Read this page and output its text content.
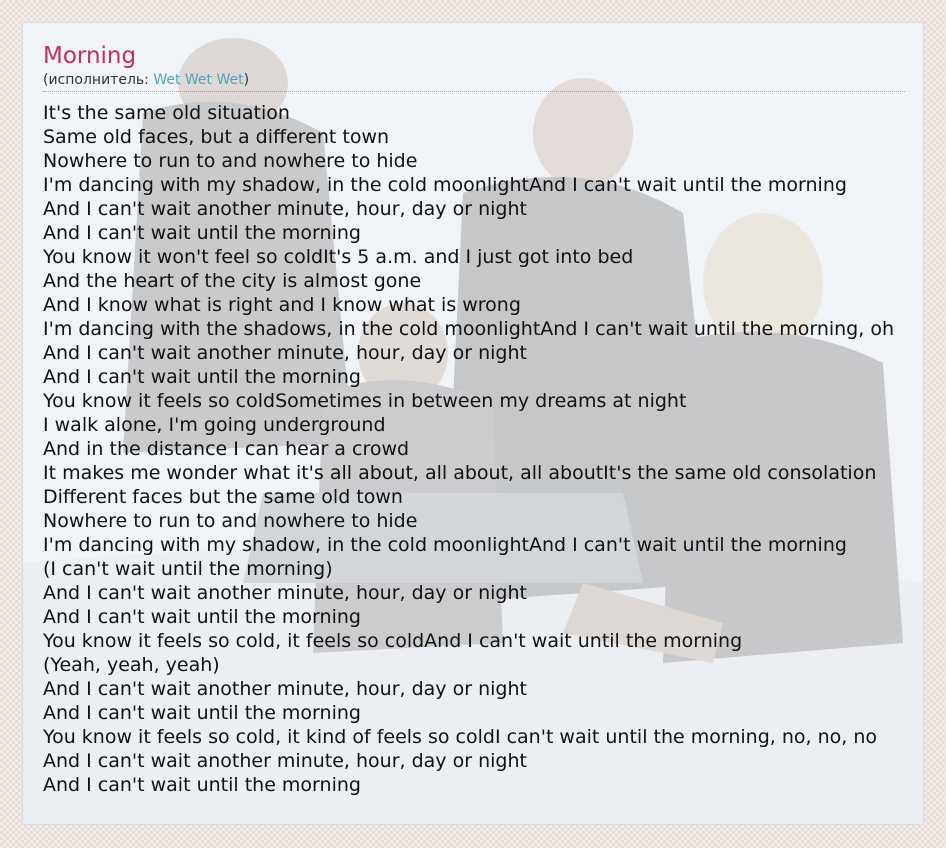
Morning
(исполнитель: Wet Wet Wet)
It's the same old situation
Same old faces, but a different town
Nowhere to run to and nowhere to hide
I'm dancing with my shadow, in the cold moonlightAnd I can't wait until the morning
And I can't wait another minute, hour, day or night
And I can't wait until the morning
You know it won't feel so coldIt's 5 a.m. and I just got into bed
And the heart of the city is almost gone
And I know what is right and I know what is wrong
I'm dancing with the shadows, in the cold moonlightAnd I can't wait until the morning, oh
And I can't wait another minute, hour, day or night
And I can't wait until the morning
You know it feels so coldSometimes in between my dreams at night
I walk alone, I'm going underground
And in the distance I can hear a crowd
It makes me wonder what it's all about, all about, all aboutIt's the same old consolation
Different faces but the same old town
Nowhere to run to and nowhere to hide
I'm dancing with my shadow, in the cold moonlightAnd I can't wait until the morning
(I can't wait until the morning)
And I can't wait another minute, hour, day or night
And I can't wait until the morning
You know it feels so cold, it feels so coldAnd I can't wait until the morning
(Yeah, yeah, yeah)
And I can't wait another minute, hour, day or night
And I can't wait until the morning
You know it feels so cold, it kind of feels so coldI can't wait until the morning, no, no, no
And I can't wait another minute, hour, day or night
And I can't wait until the morning
